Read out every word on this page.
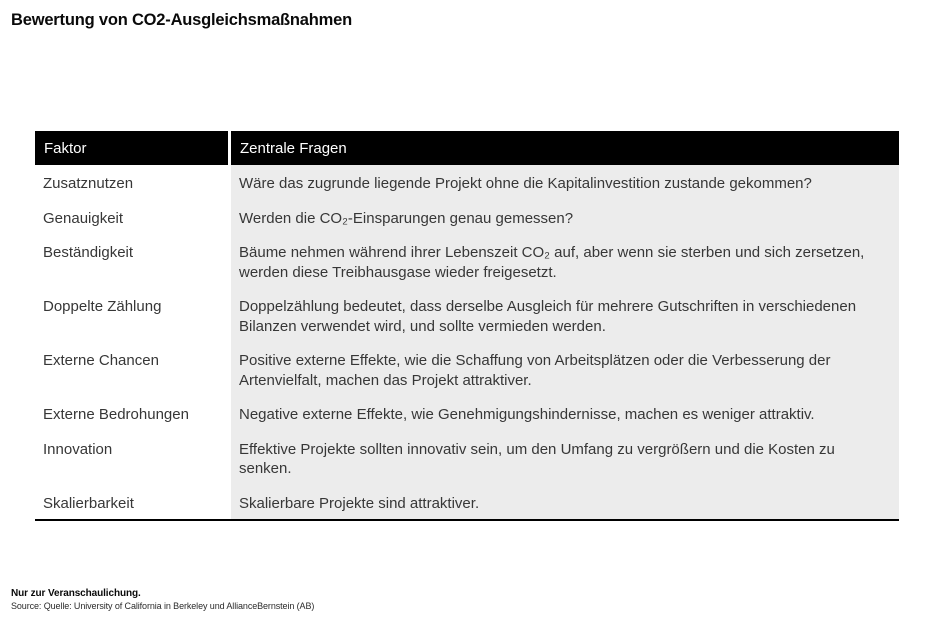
Bewertung von CO2-Ausgleichsmaßnahmen
Faktor	Zentrale Fragen
Zusatznutzen	Wäre das zugrunde liegende Projekt ohne die Kapitalinvestition zustande gekommen?
Genauigkeit	Werden die CO₂-Einsparungen genau gemessen?
Beständigkeit	Bäume nehmen während ihrer Lebenszeit CO₂ auf, aber wenn sie sterben und sich zersetzen, werden diese Treibhausgase wieder freigesetzt.
Doppelte Zählung	Doppelzählung bedeutet, dass derselbe Ausgleich für mehrere Gutschriften in verschiedenen Bilanzen verwendet wird, und sollte vermieden werden.
Externe Chancen	Positive externe Effekte, wie die Schaffung von Arbeitsplätzen oder die Verbesserung der Artenvielfalt, machen das Projekt attraktiver.
Externe Bedrohungen	Negative externe Effekte, wie Genehmigungshindernisse, machen es weniger attraktiv.
Innovation	Effektive Projekte sollten innovativ sein, um den Umfang zu vergrößern und die Kosten zu senken.
Skalierbarkeit	Skalierbare Projekte sind attraktiver.
Nur zur Veranschaulichung.
Source: Quelle: University of California in Berkeley und AllianceBernstein (AB)
